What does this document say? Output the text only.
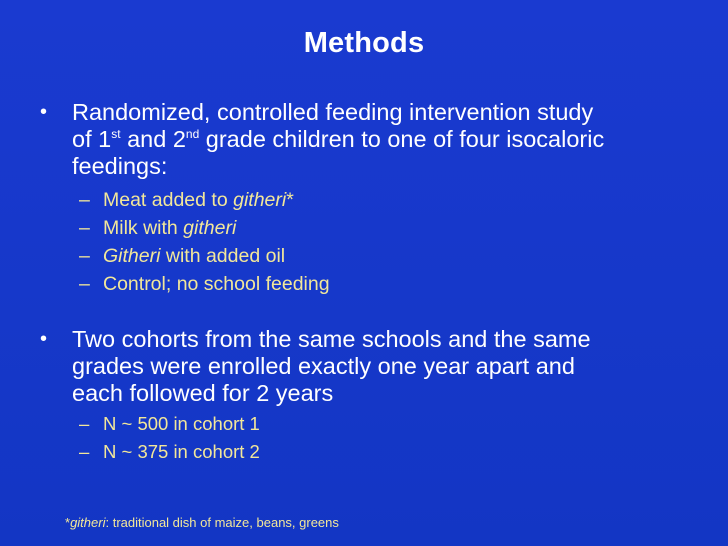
Methods
• Randomized, controlled feeding intervention study
of 1st and 2nd grade children to one of four isocaloric
feedings:
– Meat added to githeri*
– Milk with githeri
– Githeri with added oil
– Control; no school feeding
• Two cohorts from the same schools and the same
grades were enrolled exactly one year apart and
each followed for 2 years
– N ~ 500 in cohort 1
– N ~ 375 in cohort 2
*githeri: traditional dish of maize, beans, greens
